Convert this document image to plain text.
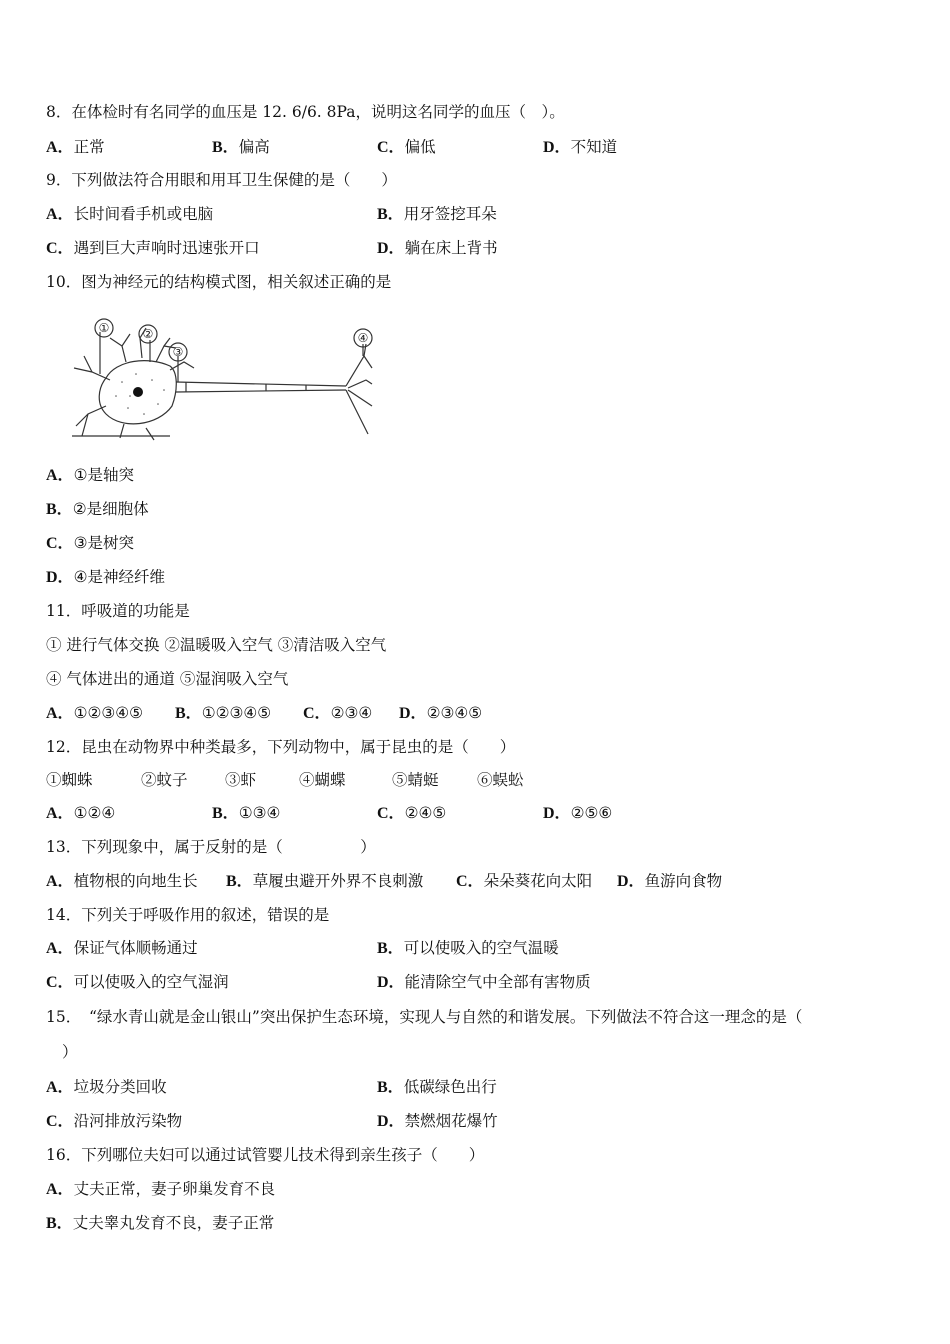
8．在体检时有名同学的血压是 12. 6/6. 8Pa，说明这名同学的血压（　）。
A．正常	B．偏高	C．偏低	D．不知道
9．下列做法符合用眼和用耳卫生保健的是（　　）
A．长时间看手机或电脑	B．用牙签挖耳朵
C．遇到巨大声响时迅速张开口	D．躺在床上背书
10．图为神经元的结构模式图，相关叙述正确的是
①	②
③
④
A．①是轴突
B．②是细胞体
C．③是树突
D．④是神经纤维
11．呼吸道的功能是
① 进行气体交换 ②温暖吸入空气 ③清洁吸入空气
④ 气体进出的通道 ⑤湿润吸入空气
A．①②③④⑤ B．①②③④⑤ C．②③④ D．②③④⑤
12．昆虫在动物界中种类最多，下列动物中，属于昆虫的是（　　）
①蜘蛛	②蚊子 ③虾	④蝴蝶	⑤蜻蜓 ⑥蜈蚣
A．①②④	B．①③④	C．②④⑤	D．②⑤⑥
13．下列现象中，属于反射的是（　　　　　）
A．植物根的向地生长 B．草履虫避开外界不良刺激 C．朵朵葵花向太阳 D．鱼游向食物
14．下列关于呼吸作用的叙述，错误的是
A．保证气体顺畅通过	B．可以使吸入的空气温暖
C．可以使吸入的空气湿润	D．能清除空气中全部有害物质
15．　“绿水青山就是金山银山”突出保护生态环境，实现人与自然的和谐发展。下列做法不符合这一理念的是（
）
A．垃圾分类回收	B．低碳绿色出行
C．沿河排放污染物	D．禁燃烟花爆竹
16．下列哪位夫妇可以通过试管婴儿技术得到亲生孩子（　　）
A．丈夫正常，妻子卵巢发育不良
B．丈夫睾丸发育不良，妻子正常
